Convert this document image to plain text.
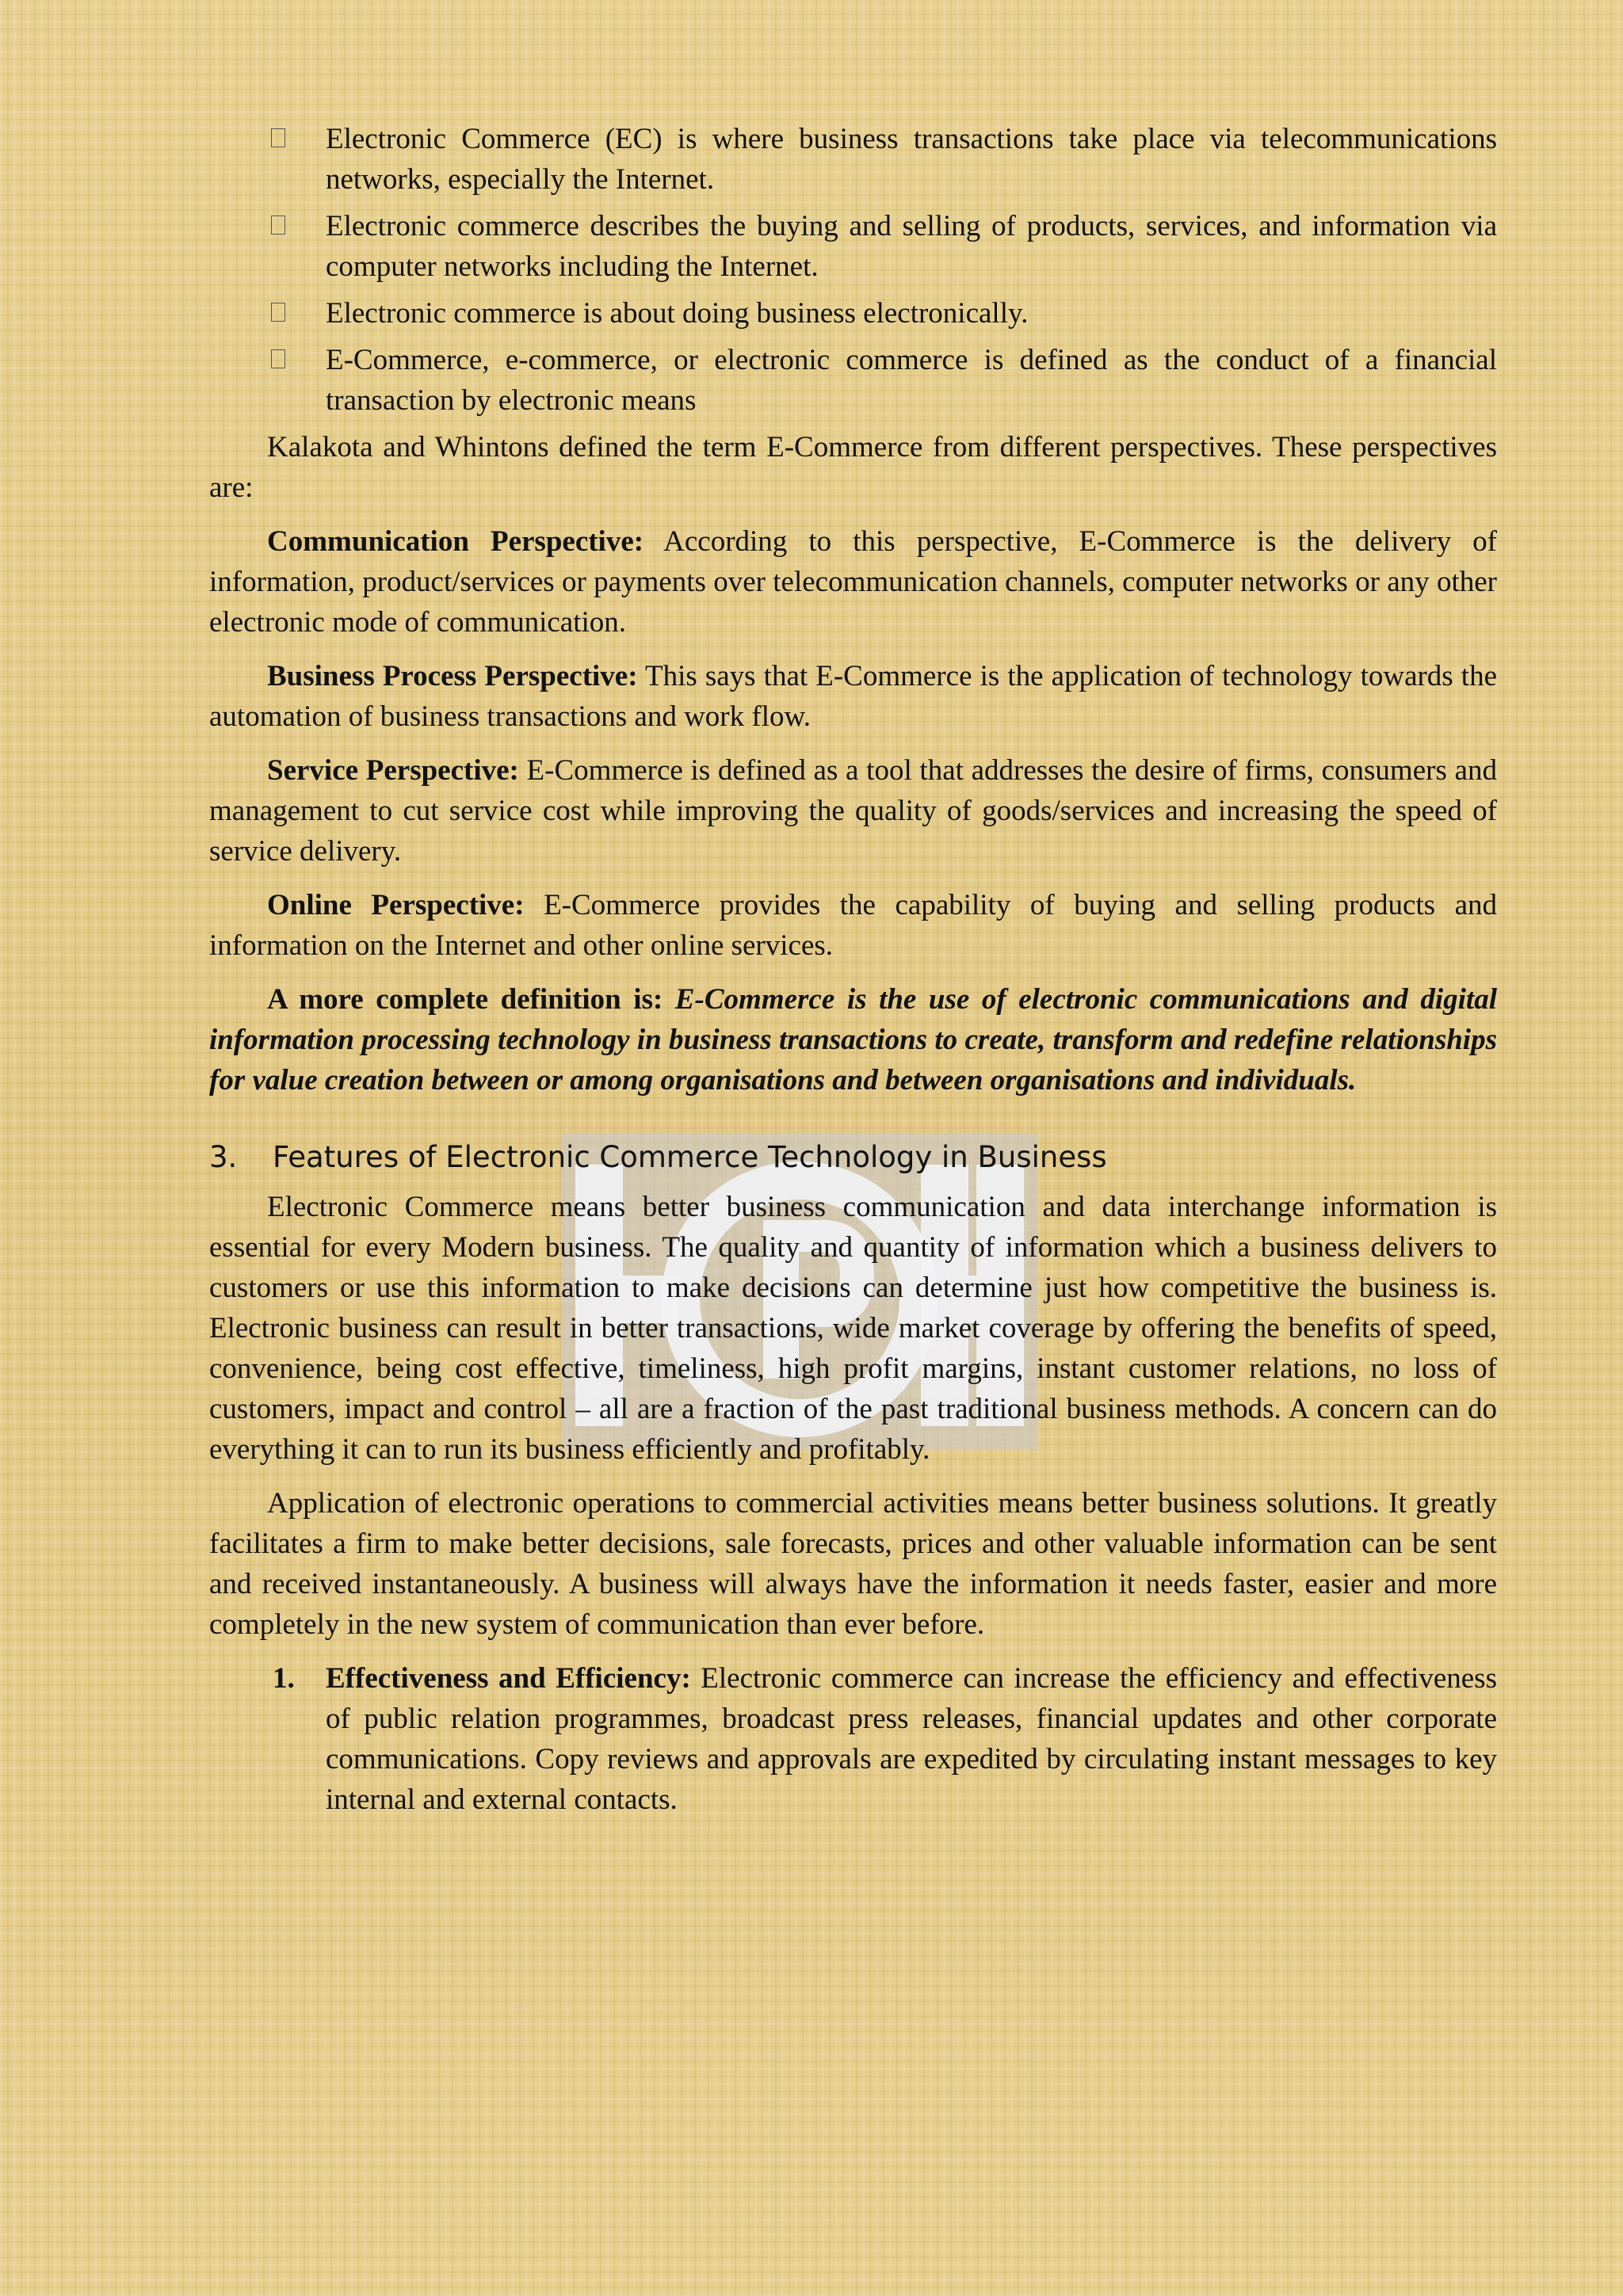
Electronic Commerce (EC) is where business transactions take place via telecommunications networks, especially the Internet.
Electronic commerce describes the buying and selling of products, services, and information via computer networks including the Internet.
Electronic commerce is about doing business electronically.
E-Commerce, e-commerce, or electronic commerce is defined as the conduct of a financial transaction by electronic means

Kalakota and Whintons defined the term E-Commerce from different perspectives. These perspectives are:

Communication Perspective: According to this perspective, E-Commerce is the delivery of information, product/services or payments over telecommunication channels, computer networks or any other electronic mode of communication.

Business Process Perspective: This says that E-Commerce is the application of technology towards the automation of business transactions and work flow.

Service Perspective: E-Commerce is defined as a tool that addresses the desire of firms, consumers and management to cut service cost while improving the quality of goods/services and increasing the speed of service delivery.

Online Perspective: E-Commerce provides the capability of buying and selling products and information on the Internet and other online services.

A more complete definition is: E-Commerce is the use of electronic communications and digital information processing technology in business transactions to create, transform and redefine relationships for value creation between or among organisations and between organisations and individuals.

3. Features of Electronic Commerce Technology in Business

Electronic Commerce means better business communication and data interchange information is essential for every Modern business. The quality and quantity of information which a business delivers to customers or use this information to make decisions can determine just how competitive the business is. Electronic business can result in better transactions, wide market coverage by offering the benefits of speed, convenience, being cost effective, timeliness, high profit margins, instant customer relations, no loss of customers, impact and control – all are a fraction of the past traditional business methods. A concern can do everything it can to run its business efficiently and profitably.

Application of electronic operations to commercial activities means better business solutions. It greatly facilitates a firm to make better decisions, sale forecasts, prices and other valuable information can be sent and received instantaneously. A business will always have the information it needs faster, easier and more completely in the new system of communication than ever before.

1. Effectiveness and Efficiency: Electronic commerce can increase the efficiency and effectiveness of public relation programmes, broadcast press releases, financial updates and other corporate communications. Copy reviews and approvals are expedited by circulating instant messages to key internal and external contacts.
